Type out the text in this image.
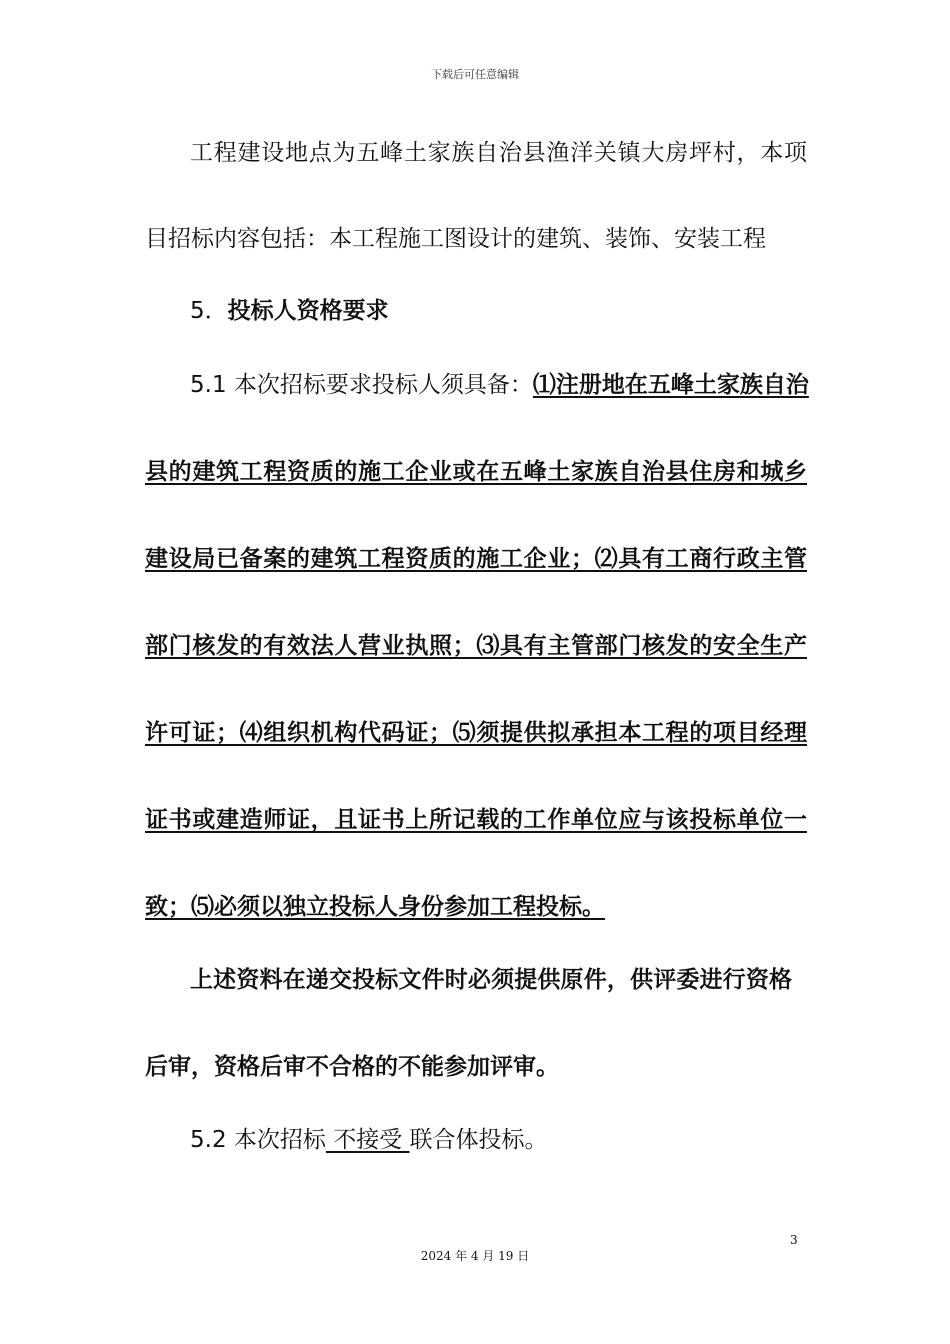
下载后可任意编辑
工程建设地点为五峰土家族自治县渔洋关镇大房坪村，本项
目招标内容包括：本工程施工图设计的建筑、装饰、安装工程
5．投标人资格要求
5.1 本次招标要求投标人须具备： ⑴注册地在五峰土家族自治
县的建筑工程资质的施工企业或在五峰土家族自治县住房和城乡
建设局已备案的建筑工程资质的施工企业；⑵具有工商行政主管
部门核发的有效法人营业执照；⑶具有主管部门核发的安全生产
许可证；⑷组织机构代码证；⑸须提供拟承担本工程的项目经理
证书或建造师证，且证书上所记载的工作单位应与该投标单位一
致；⑸必须以独立投标人身份参加工程投标。
上述资料在递交投标文件时必须提供原件，供评委进行资格
后审，资格后审不合格的不能参加评审。
5.2 本次招标 不接受 联合体投标。
3
2024 年 4 月 19 日
